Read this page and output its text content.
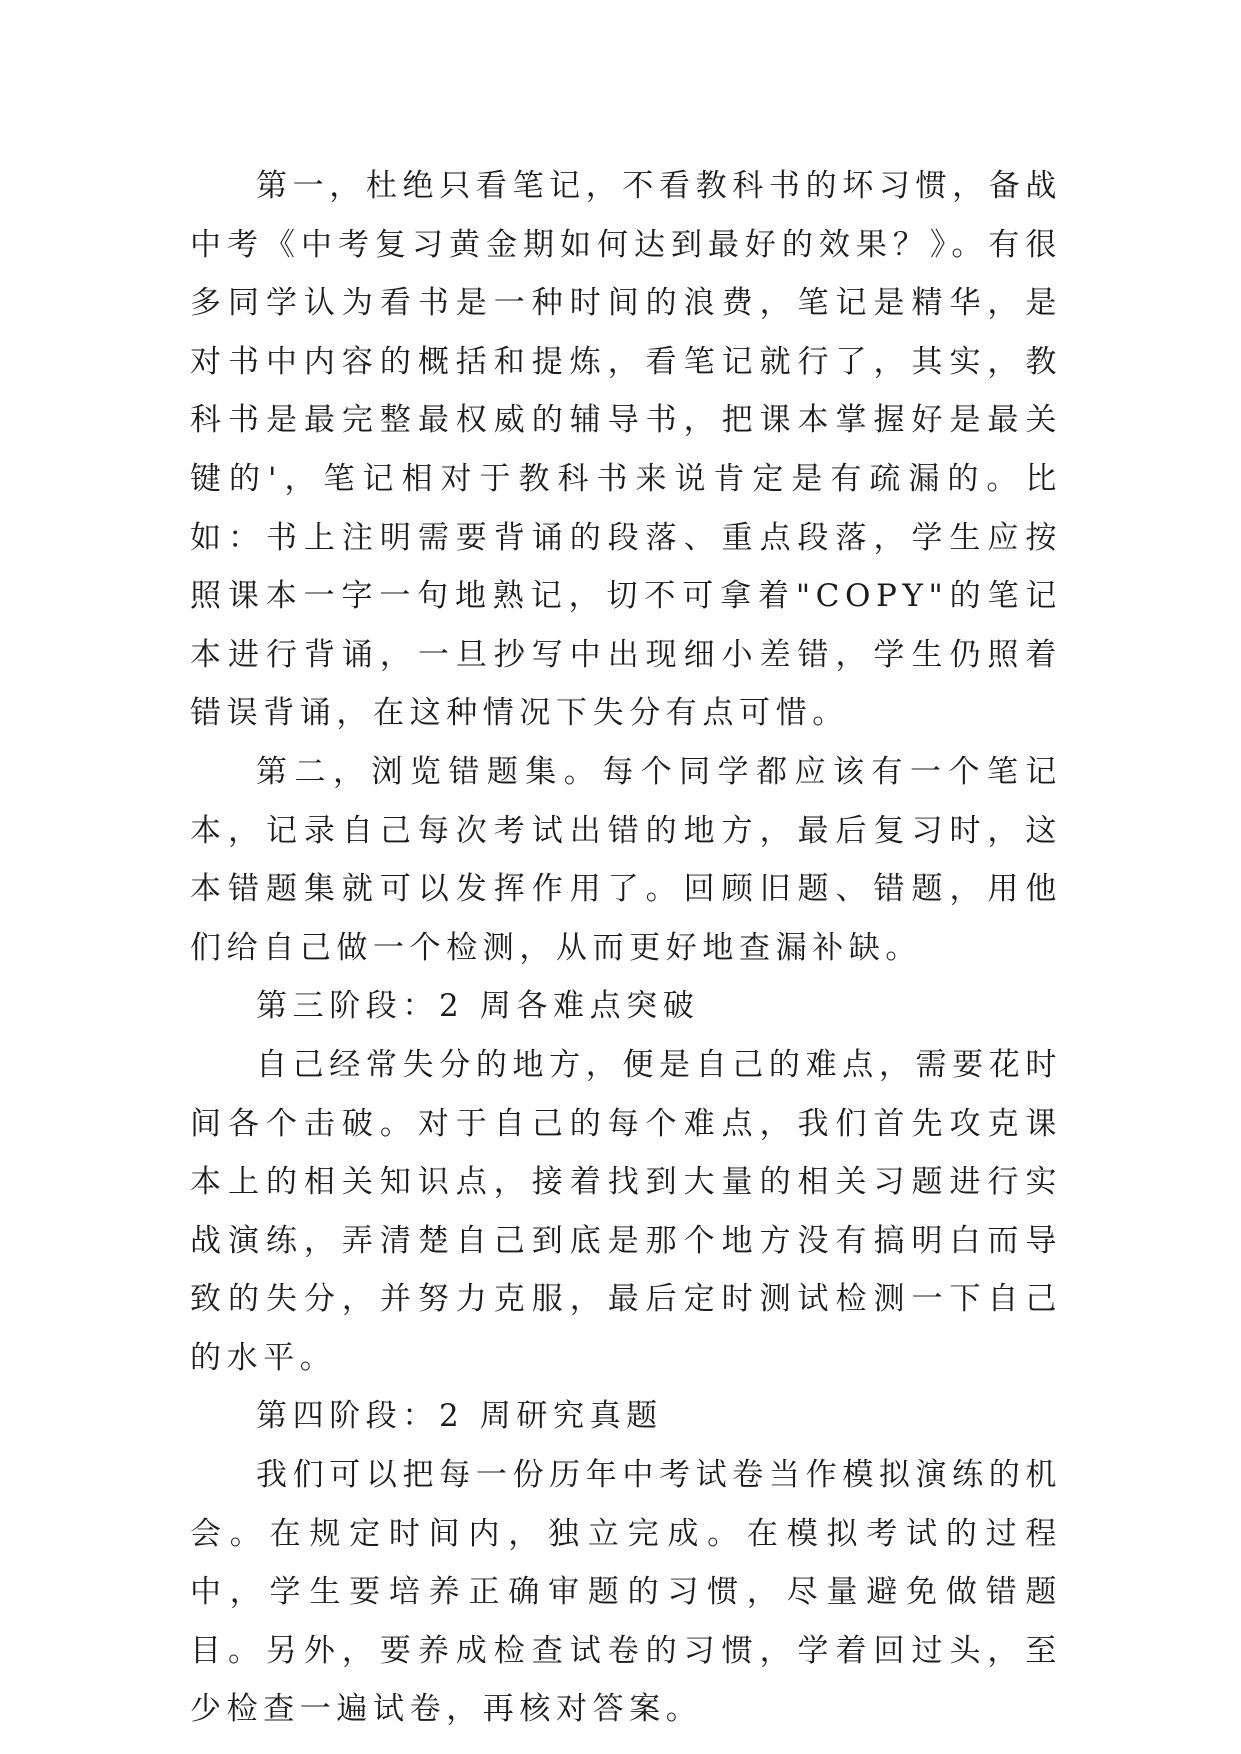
第一，杜绝只看笔记，不看教科书的坏习惯，备战中考《中考复习黄金期如何达到最好的效果？》。有很多同学认为看书是一种时间的浪费，笔记是精华，是对书中内容的概括和提炼，看笔记就行了，其实，教科书是最完整最权威的辅导书，把课本掌握好是最关键的'，笔记相对于教科书来说肯定是有疏漏的。比如：书上注明需要背诵的段落、重点段落，学生应按照课本一字一句地熟记，切不可拿着"COPY"的笔记本进行背诵，一旦抄写中出现细小差错，学生仍照着错误背诵，在这种情况下失分有点可惜。

第二，浏览错题集。每个同学都应该有一个笔记本，记录自己每次考试出错的地方，最后复习时，这本错题集就可以发挥作用了。回顾旧题、错题，用他们给自己做一个检测，从而更好地查漏补缺。

第三阶段：2 周各难点突破

自己经常失分的地方，便是自己的难点，需要花时间各个击破。对于自己的每个难点，我们首先攻克课本上的相关知识点，接着找到大量的相关习题进行实战演练，弄清楚自己到底是那个地方没有搞明白而导致的失分，并努力克服，最后定时测试检测一下自己的水平。

第四阶段：2 周研究真题

我们可以把每一份历年中考试卷当作模拟演练的机会。在规定时间内，独立完成。在模拟考试的过程中，学生要培养正确审题的习惯，尽量避免做错题目。另外，要养成检查试卷的习惯，学着回过头，至少检查一遍试卷，再核对答案。
